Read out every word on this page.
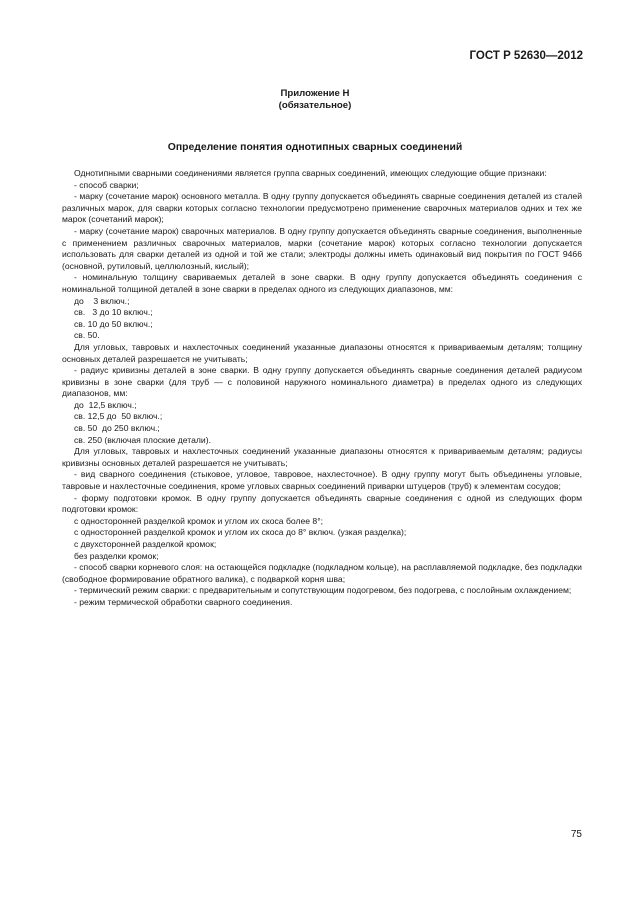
ГОСТ Р 52630—2012
Приложение Н
(обязательное)
Определение понятия однотипных сварных соединений

Однотипными сварными соединениями является группа сварных соединений, имеющих следующие общие признаки:

- способ сварки;

- марку (сочетание марок) основного металла. В одну группу допускается объединять сварные соединения деталей из сталей различных марок, для сварки которых согласно технологии предусмотрено применение сварочных материалов одних и тех же марок (сочетаний марок);

- марку (сочетание марок) сварочных материалов. В одну группу допускается объединять сварные соединения, выполненные с применением различных сварочных материалов, марки (сочетание марок) которых согласно технологии допускается использовать для сварки деталей из одной и той же стали; электроды должны иметь одинаковый вид покрытия по ГОСТ 9466 (основной, рутиловый, целлюлозный, кислый);

- номинальную толщину свариваемых деталей в зоне сварки. В одну группу допускается объединять соединения с номинальной толщиной деталей в зоне сварки в пределах одного из следующих диапазонов, мм:

до    3 включ.;

св.   3 до 10 включ.;

св. 10 до 50 включ.;

св. 50.

Для угловых, тавровых и нахлесточных соединений указанные диапазоны относятся к привариваемым деталям; толщину основных деталей разрешается не учитывать;

- радиус кривизны деталей в зоне сварки. В одну группу допускается объединять сварные соединения деталей радиусом кривизны в зоне сварки (для труб — с половиной наружного номинального диаметра) в пределах одного из следующих диапазонов, мм:

до  12,5 включ.;

св. 12,5 до  50 включ.;

св. 50  до 250 включ.;

св. 250 (включая плоские детали).

Для угловых, тавровых и нахлесточных соединений указанные диапазоны относятся к привариваемым деталям; радиусы кривизны основных деталей разрешается не учитывать;

- вид сварного соединения (стыковое, угловое, тавровое, нахлесточное). В одну группу могут быть объединены угловые, тавровые и нахлесточные соединения, кроме угловых сварных соединений приварки штуцеров (труб) к элементам сосудов;

- форму подготовки кромок. В одну группу допускается объединять сварные соединения с одной из следующих форм подготовки кромок:

с односторонней разделкой кромок и углом их скоса более 8°;

с односторонней разделкой кромок и углом их скоса до 8° включ. (узкая разделка);

с двухсторонней разделкой кромок;

без разделки кромок;

- способ сварки корневого слоя: на остающейся подкладке (подкладном кольце), на расплавляемой подкладке, без подкладки (свободное формирование обратного валика), с подваркой корня шва;

- термический режим сварки: с предварительным и сопутствующим подогревом, без подогрева, с послойным охлаждением;

- режим термической обработки сварного соединения.

75
